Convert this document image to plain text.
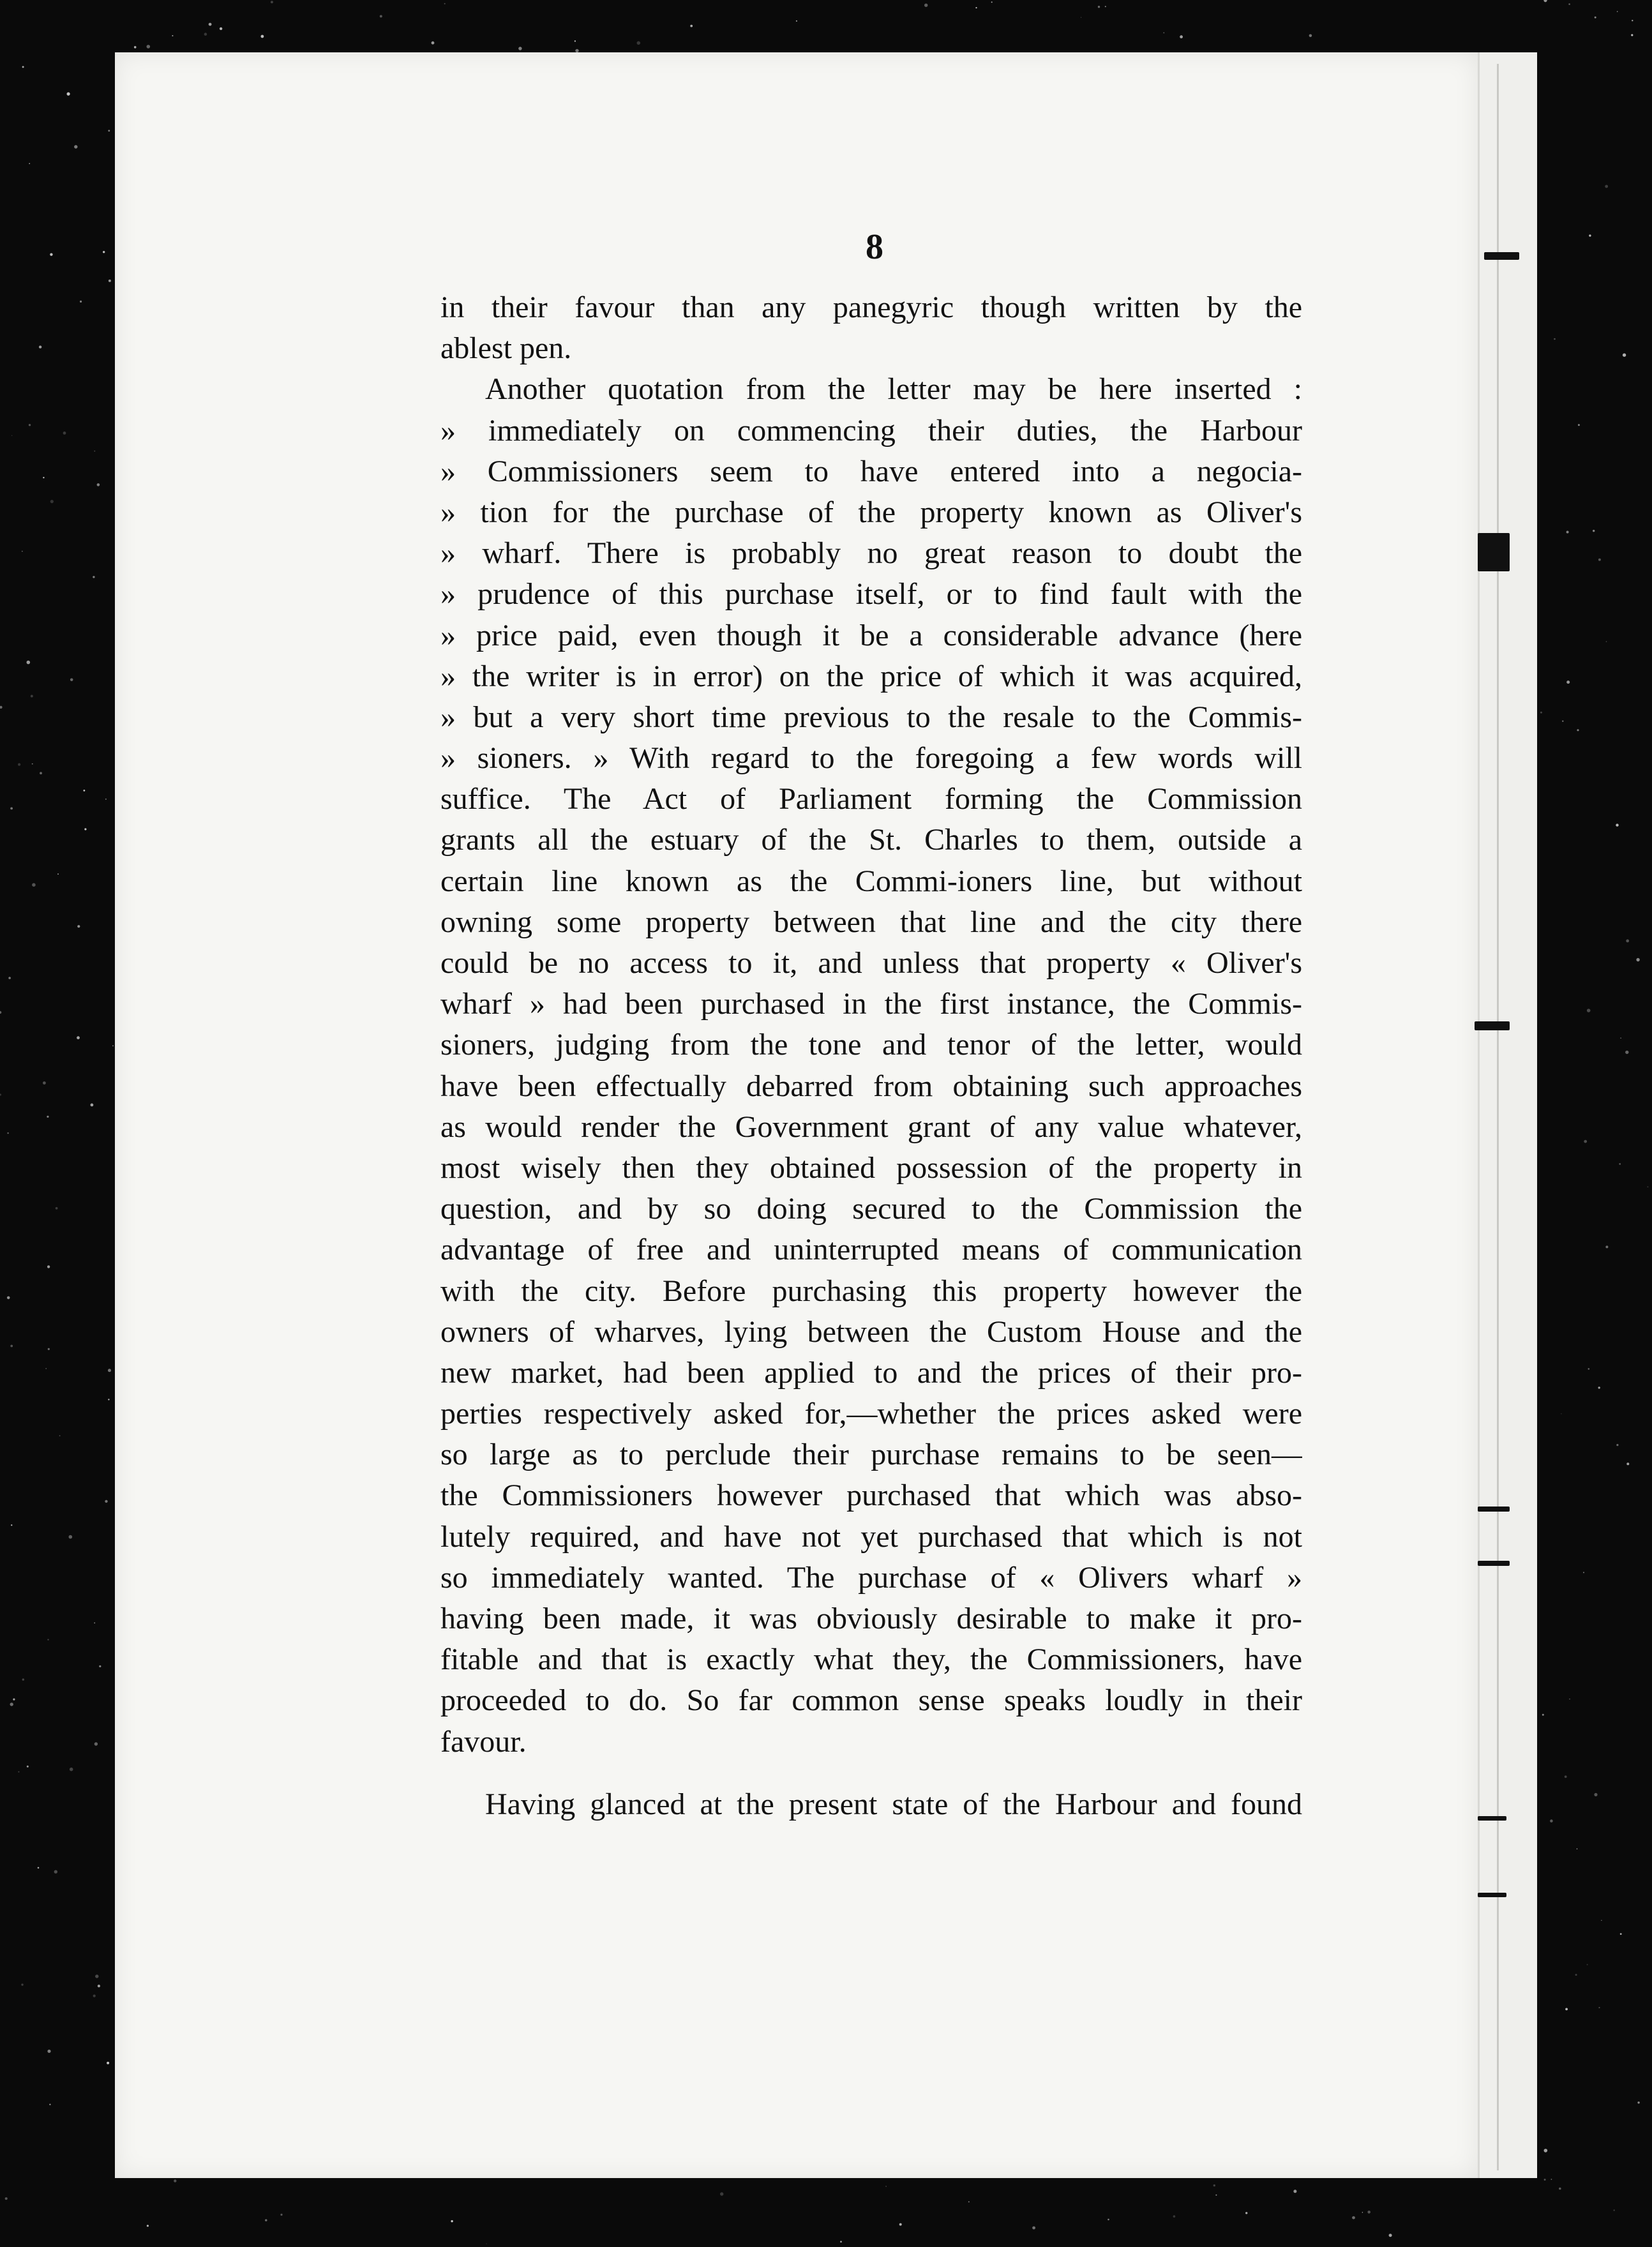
8
in their favour than any panegyric though written by the
ablest pen.
Another quotation from the letter may be here inserted :
» immediately on commencing their duties, the Harbour
» Commissioners seem to have entered into a negocia-
» tion for the purchase of the property known as Oliver's
» wharf. There is probably no great reason to doubt the
» prudence of this purchase itself, or to find fault with the
» price paid, even though it be a considerable advance (here
» the writer is in error) on the price of which it was acquired,
» but a very short time previous to the resale to the Commis-
» sioners. » With regard to the foregoing a few words will
suffice. The Act of Parliament forming the Commission
grants all the estuary of the St. Charles to them, outside a
certain line known as the Commi-ioners line, but without
owning some property between that line and the city there
could be no access to it, and unless that property « Oliver's
wharf » had been purchased in the first instance, the Commis-
sioners, judging from the tone and tenor of the letter, would
have been effectually debarred from obtaining such approaches
as would render the Government grant of any value whatever,
most wisely then they obtained possession of the property in
question, and by so doing secured to the Commission the
advantage of free and uninterrupted means of communication
with the city. Before purchasing this property however the
owners of wharves, lying between the Custom House and the
new market, had been applied to and the prices of their pro-
perties respectively asked for,—whether the prices asked were
so large as to perclude their purchase remains to be seen—
the Commissioners however purchased that which was abso-
lutely required, and have not yet purchased that which is not
so immediately wanted. The purchase of « Olivers wharf »
having been made, it was obviously desirable to make it pro-
fitable and that is exactly what they, the Commissioners, have
proceeded to do. So far common sense speaks loudly in their
favour.
Having glanced at the present state of the Harbour and found
